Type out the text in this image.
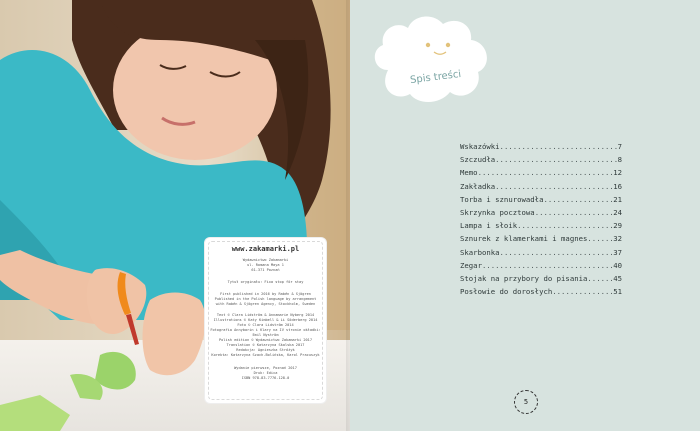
www.zakamarki.pl
Wydawnictwo Zakamarki
ul. Romana Maya 1
61-371 Poznań
Tytuł oryginału: Fixa stop för stay
First published in 2016 by Rabén & Sjögren
Published in the Polish language by arrangement
with Rabén & Sjögren Agency, Stockholm, Sweden
Text © Clara Lidström & Annamarie Nyberg 2014
Illustrations © Katy Kimbell & Li Söderberg 2014
Foto © Clara Lidström 2014
Fotografia Annybarin i Klary na IV stronie okładki:
Emil Nyström
Polish edition © Wydawnictwo Zakamarki 2017
Translation © Katarzyna Skalska 2017
Redakcja: Agnieszka Stróżyk
Korekta: Katarzyna Szach-Bolińska, Karol Pracuszyk
Wydanie pierwsze, Poznań 2017
Druk: Edica
ISBN 978-83-7776-128-0
Spis treści
Wskazówki .....	7
Szczudła .....	8
Memo .....	12
Zakładka .....	16
Torba i sznurowadła .....	21
Skrzynka pocztowa .....	24
Lampa i słoik .....	29
Sznurek z klamerkami i magnes .....	32
Skarbonka .....	37
Zegar .....	40
Stojak na przybory do pisania .....	45
Posłowie do dorosłych .....	51
5
